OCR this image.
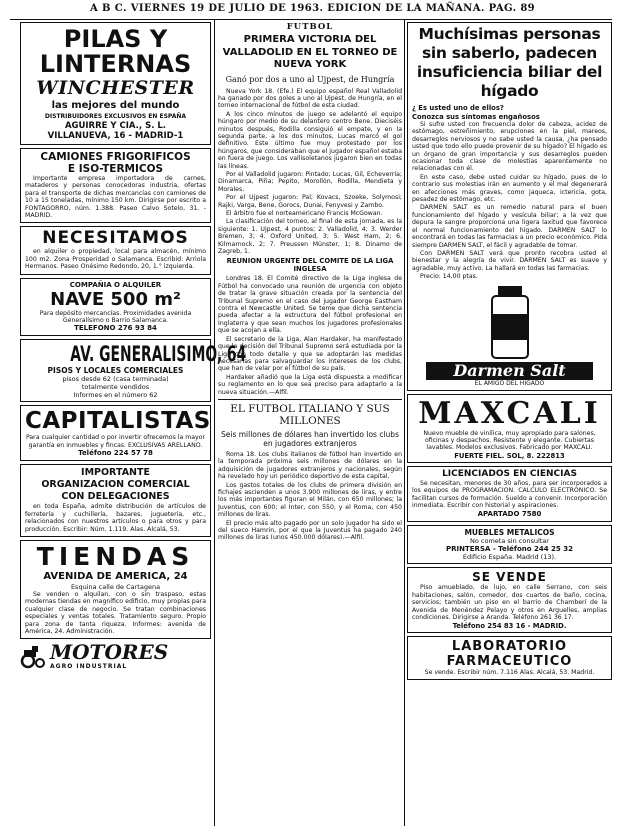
A B C. VIERNES 19 DE JULIO DE 1963. EDICION DE LA MAÑANA. PAG. 89
PILAS Y
LINTERNAS
WINCHESTER
las mejores del mundo
DISTRIBUIDORES EXCLUSIVOS EN ESPAÑA
AGUIRRE Y CIA., S. L.
VILLANUEVA, 16 - MADRID-1
CAMIONES FRIGORIFICOS
E ISO-TERMICOS

Importante empresa importadora de carnes, mataderos y personas conocedoras industria, ofertas para el transporte de dichas mercancías con camiones de 10 a 15 toneladas, mínimo 150 km. Dirigirse por escrito a FONTAGORRO, núm. 1.388. Paseo Calvo Sotelo, 31. - MADRID.

NECESITAMOS

en alquiler o propiedad, local para almacén, mínimo 100 m2. Zona Prosperidad o Salamanca. Escribid: Arriola Hermanos. Paseo Onésimo Redondo, 20, 1.° izquierda.

COMPAÑIA O ALQUILER
NAVE 500 m²
Para depósito mercancías. Proximidades avenida Generalísimo o Barrio Salamanca.
TELEFONO 276 93 84
AV. GENERALISIMO, 64
PISOS Y LOCALES COMERCIALES
pisos desde 62 (casa terminada)
totalmente vendidos
Informes en el número 62
CAPITALISTAS
Para cualquier cantidad o por invertir ofrecemos la mayor garantía en inmuebles y fincas. EXCLUSIVAS ARELLANO.
Teléfono 224 57 78
IMPORTANTE
ORGANIZACION COMERCIAL
CON DELEGACIONES

en toda España, admite distribución de artículos de ferretería y cuchillería, bazares, juguetería, etc., relacionados con nuestros artículos o para otros y para producción. Escribir: Núm. 1.119. Alas. Alcalá, 53.

TIENDAS
AVENIDA DE AMERICA, 24
Esquina calle de Cartagena

Se venden o alquilan, con o sin traspaso, estas modernas tiendas en magnífico edificio, muy propias para cualquier clase de negocio. Se tratan combinaciones especiales y ventas totales. Tratamiento seguro. Propio para zona de tanta riqueza. Informes: avenida de América, 24. Administración.

MOTORES
AGRO INDUSTRIAL
FUTBOL
PRIMERA VICTORIA DEL VALLADOLID EN EL TORNEO DE NUEVA YORK
Ganó por dos a uno al Ujpest, de Hungría

Nueva York 18. (Efe.) El equipo español Real Valladolid ha ganado por dos goles a uno al Ujpest, de Hungría, en el torneo internacional de fútbol de esta ciudad.

A los cinco minutos de juego se adelantó el equipo húngaro por medio de su delantero centro Bene. Dieciséis minutos después, Rodilla consiguió el empate, y en la segunda parte, a los dos minutos, Lucas marcó el gol definitivo. Este último fue muy protestado por los húngaros, que consideraban que el jugador español estaba en fuera de juego. Los vallisoletanos jugaron bien en todas las líneas.

Por el Valladolid jugaron: Pintado; Lucas, Gil, Echeverría; Dinamarca, Piña; Pepito, Morollón, Rodilla, Mendieta y Morales.

Por el Ujpest jugaron: Pal; Kovacs, Szoeke, Solymosi; Rajki, Varga, Bene, Gorocs, Dunai, Fenyvesi y Zambo.

El árbitro fue el norteamericano Francis McGowan.

La clasificación del torneo, al final de esta jornada, es la siguiente: 1. Ujpest, 4 puntos; 2. Valladolid, 4; 3. Werder Bremen, 3; 4. Oxford United, 3; 5. West Ham, 2; 6. Kilmarnock, 2; 7. Preussen Münster, 1; 8. Dinamo de Zagreb, 1.

REUNION URGENTE DEL COMITE DE LA LIGA INGLESA

Londres 18. El Comité directivo de la Liga inglesa de Fútbol ha convocado una reunión de urgencia con objeto de tratar la grave situación creada por la sentencia del Tribunal Supremo en el caso del jugador George Eastham contra el Newcastle United. Se teme que dicha sentencia pueda afectar a la estructura del fútbol profesional en Inglaterra y que sean muchos los jugadores profesionales que se acojan a ella.

El secretario de la Liga, Alan Hardaker, ha manifestado que la decisión del Tribunal Supremo será estudiada por la Liga con todo detalle y que se adoptarán las medidas necesarias para salvaguardar los intereses de los clubs, que han de velar por el fútbol de su país.

Hardaker añadió que la Liga está dispuesta a modificar su reglamento en lo que sea preciso para adaptarlo a la nueva situación.—Alfil.

EL FUTBOL ITALIANO Y SUS MILLONES
Seis millones de dólares han invertido los clubs en jugadores extranjeros

Roma 18. Los clubs italianos de fútbol han invertido en la temporada próxima seis millones de dólares en la adquisición de jugadores extranjeros y nacionales, según ha revelado hoy un periódico deportivo de esta capital.

Los gastos totales de los clubs de primera división en fichajes ascienden a unos 3.900 millones de liras, y entre los más importantes figuran el Milán, con 650 millones; la Juventus, con 600; el Inter, con 550, y el Roma, con 450 millones de liras.

El precio más alto pagado por un solo jugador ha sido el del sueco Hamrin, por el que la Juventus ha pagado 240 millones de liras (unos 450.000 dólares).—Alfil.

Muchísimas personas sin saberlo, padecen insuficiencia biliar del hígado
¿ Es usted uno de ellos?
Conozca sus síntomas engañosos

Si sufre usted con frecuencia dolor de cabeza, acidez de estómago, estreñimiento, erupciones en la piel, mareos, desarreglos nerviosos y no sabe usted la causa, ¿ha pensado usted que todo ello puede provenir de su hígado? El hígado es un órgano de gran importancia y sus desarreglos pueden ocasionar toda clase de molestias aparentemente no relacionadas con él.

En este caso, debe usted cuidar su hígado, pues de lo contrario sus molestias irán en aumento y el mal degenerará en afecciones más graves, como jaqueca, ictericia, gota, pesadez de estómago, etc.

DARMEN SALT es un remedio natural para el buen funcionamiento del hígado y vesícula biliar; a la vez que depura la sangre proporciona una ligera laxitud que favorece el normal funcionamiento del hígado. DARMEN SALT lo encontrará en todas las farmacias a un precio económico. Pida siempre DARMEN SALT, el fácil y agradable de tomar.

Con DARMEN SALT verá que pronto recobra usted el bienestar y la alegría de vivir. DARMEN SALT es suave y agradable, muy activo. La hallará en todas las farmacias.

Precio: 14,00 ptas.

Darmen Salt
EL AMIGO DEL HIGADO
MAXCALI
Nuevo mueble de vinílica, muy apropiado para salones, oficinas y despachos. Resistente y elegante. Cubiertas lavables. Modelos exclusivos. Fabricado por MAXCALI.
FUERTE FIEL. SOL, 8. 222813
LICENCIADOS EN CIENCIAS

Se necesitan, menores de 30 años, para ser incorporados a los equipos de PROGRAMACION. CALCULO ELECTRONICO. Se facilitan cursos de formación. Sueldo a convenir. Incorporación inmediata. Escribir con historial y aspiraciones.

APARTADO 7580
MUEBLES METALICOS
No cometa sin consultar
PRINTERSA - Teléfono 244 25 32
Edificio España. Madrid (13).
SE VENDE

Piso amueblado, de lujo, en calle Serrano, con seis habitaciones, salón, comedor, dos cuartos de baño, cocina, servicios; también un piso en el barrio de Chamberí de la Avenida de Menéndez Pelayo y otros en Arguelles, amplias condiciones. Dirigirse a Aranda. Teléfono 261 36 17.

Teléfono 254 83 16 - MADRID.
LABORATORIO
FARMACEUTICO
Se vende. Escribir núm. 7.116 Alas. Alcalá, 53. Madrid.
